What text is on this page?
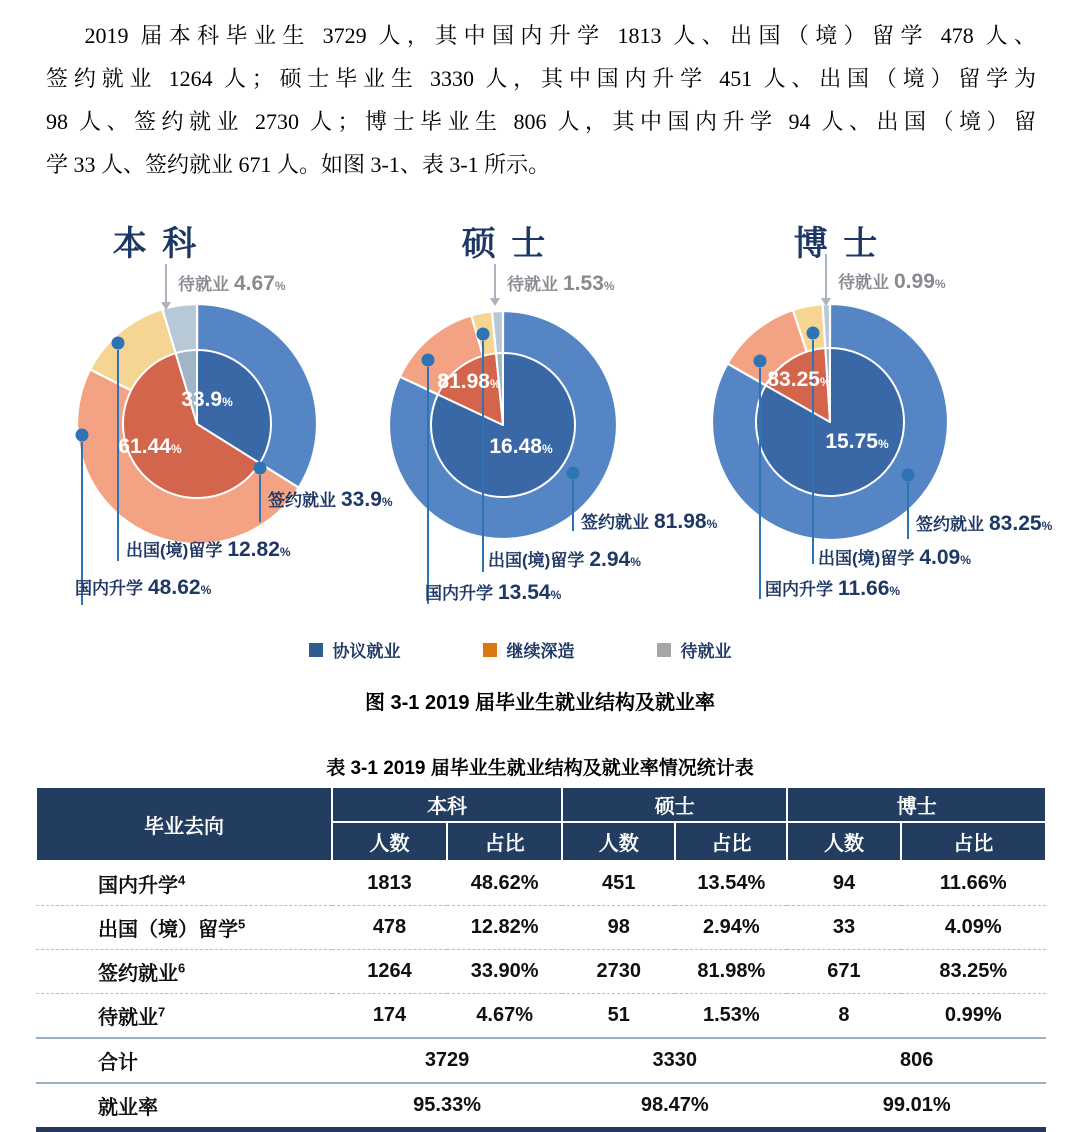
2019 届本科毕业生 3729 人，其中国内升学 1813 人、出国（境）留学 478 人、
签约就业 1264 人；硕士毕业生 3330 人，其中国内升学 451 人、出国（境）留学为
98 人、签约就业 2730 人；博士毕业生 806 人，其中国内升学 94 人、出国（境）留
学 33 人、签约就业 671 人。如图 3-1、表 3-1 所示。
本 科
签约就业 33.9%
国内升学 48.62%
出国(境)留学 12.82%
待就业 4.67%
33.9%
61.44%
硕 士
签约就业 81.98%
国内升学 13.54%
出国(境)留学 2.94%
待就业 1.53%
81.98%
16.48%
博 士
签约就业 83.25%
国内升学 11.66%
出国(境)留学 4.09%
待就业 0.99%
83.25%
15.75%
协议就业	继续深造	待就业
图 3-1 2019 届毕业生就业结构及就业率
表 3-1 2019 届毕业生就业结构及就业率情况统计表
毕业去向	本科		硕士		博士	
	人数	占比	人数	占比	人数	占比
国内升学$^4$	1813	48.62%	451	13.54%	94	11.66%
出国（境）留学$^5$	478	12.82%	98	2.94%	33	4.09%
签约就业$^6$	1264	33.90%	2730	81.98%	671	83.25%
待就业$^7$	174	4.67%	51	1.53%	8	0.99%
合计	3729		3330		806	
就业率	95.33%		98.47%		99.01%	
